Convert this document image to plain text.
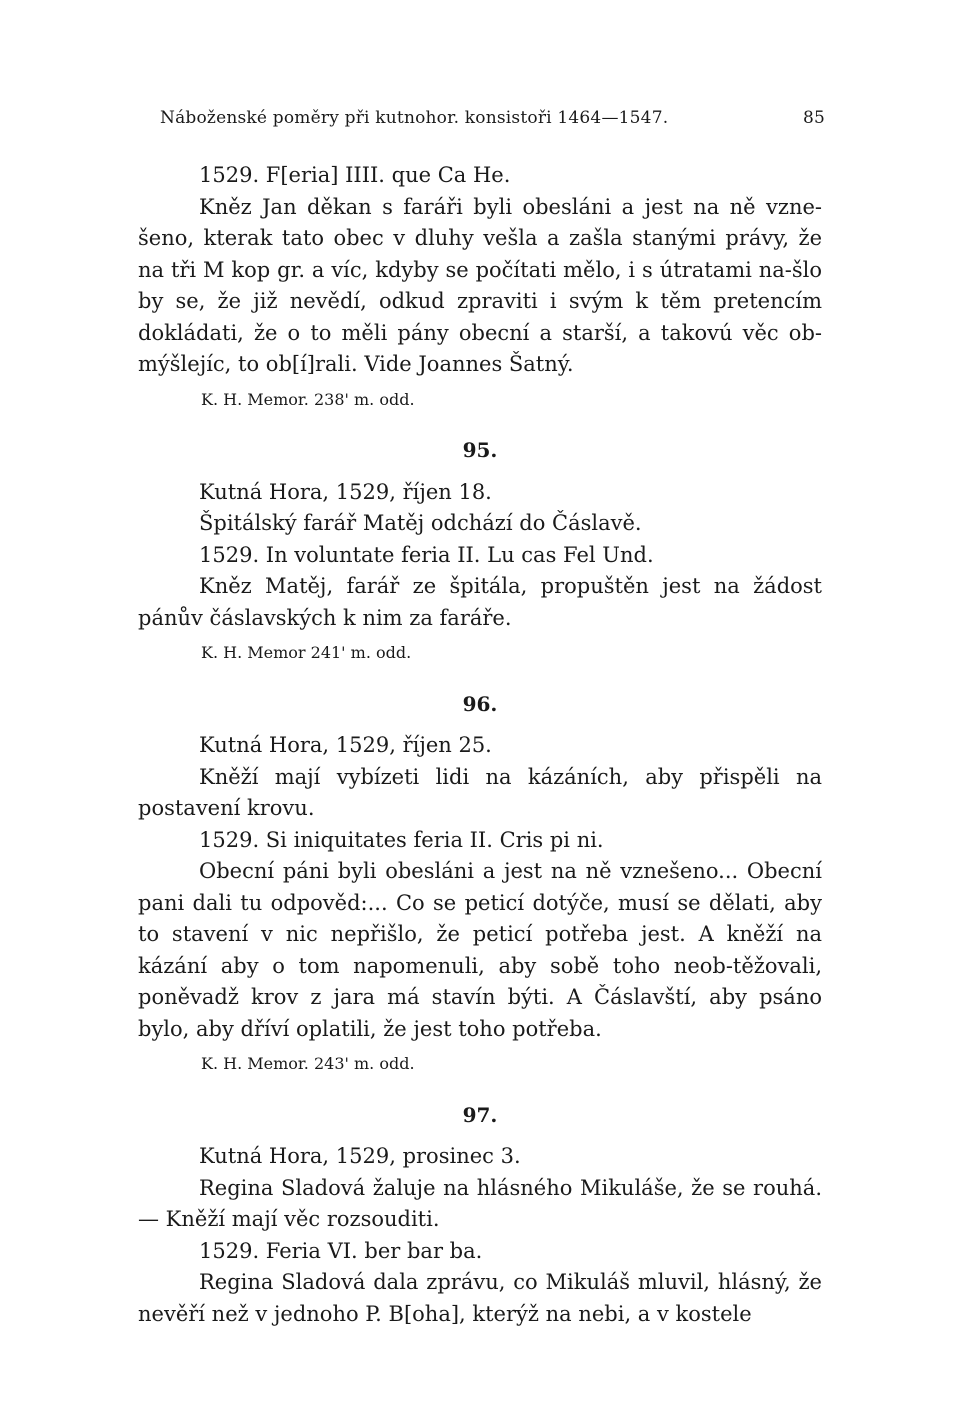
Náboženské poměry při kutnohor. konsistoři 1464—1547.	85

1529. F[eria] IIII. que Ca He.

Kněz Jan děkan s faráři byli obesláni a jest na ně vzne-šeno, kterak tato obec v dluhy vešla a zašla stanými právy, že na tři M kop gr. a víc, kdyby se počítati mělo, i s útratami na-šlo by se, že již nevědí, odkud zpraviti i svým k těm pretencím dokládati, že o to měli pány obecní a starší, a takovú věc ob-mýšlejíc, to ob[í]rali. Vide Joannes Šatný.

K. H. Memor. 238' m. odd.

95.

Kutná Hora, 1529, říjen 18.

Špitálský farář Matěj odchází do Čáslavě.

1529. In voluntate feria II. Lu cas Fel Und.

Kněz Matěj, farář ze špitála, propuštěn jest na žádost pánův čáslavských k nim za faráře.

K. H. Memor 241' m. odd.

96.

Kutná Hora, 1529, říjen 25.

Kněží mají vybízeti lidi na kázáních, aby přispěli na postavení krovu.

1529. Si iniquitates feria II. Cris pi ni.

Obecní páni byli obesláni a jest na ně vznešeno... Obecní pani dali tu odpověd:... Co se peticí dotýče, musí se dělati, aby to stavení v nic nepřišlo, že peticí potřeba jest. A kněží na kázání aby o tom napomenuli, aby sobě toho neob-těžovali, poněvadž krov z jara má stavín býti. A Čáslavští, aby psáno bylo, aby dříví oplatili, že jest toho potřeba.

K. H. Memor. 243' m. odd.

97.

Kutná Hora, 1529, prosinec 3.

Regina Sladová žaluje na hlásného Mikuláše, že se rouhá. — Kněží mají věc rozsouditi.

1529. Feria VI. ber bar ba.

Regina Sladová dala zprávu, co Mikuláš mluvil, hlásný, že nevěří než v jednoho P. B[oha], kterýž na nebi, a v kostele
